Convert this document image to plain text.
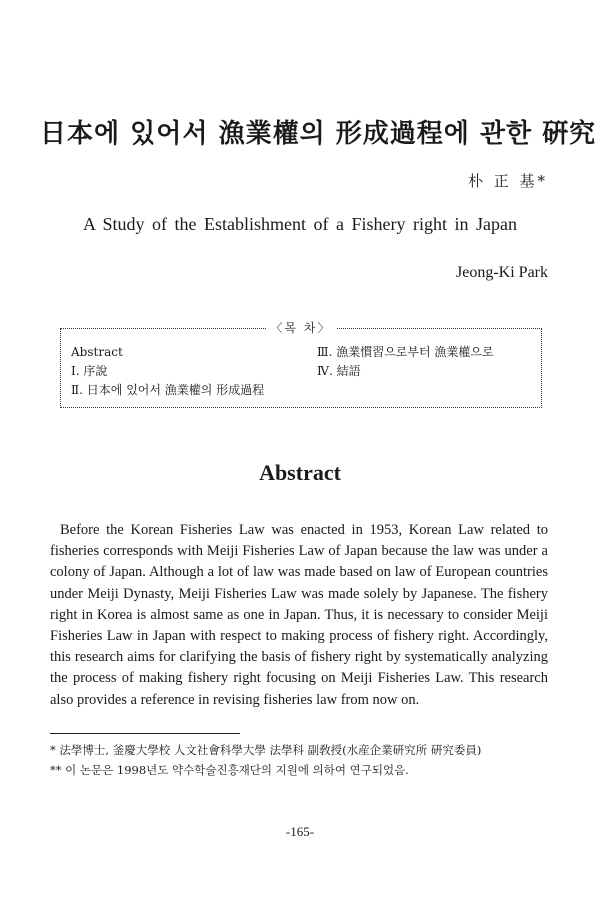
日本에 있어서 漁業權의 形成過程에 관한 硏究
朴 正 基*
A Study of the Establishment of a Fishery right in Japan
Jeong-Ki Park
〈목 차〉
Abstract
Ⅰ. 序說
Ⅱ. 日本에 있어서 漁業權의 形成過程
Ⅲ. 漁業慣習으로부터 漁業權으로
Ⅳ. 結語
Abstract
Before the Korean Fisheries Law was enacted in 1953, Korean Law related to fisheries corresponds with Meiji Fisheries Law of Japan because the law was under a colony of Japan. Although a lot of law was made based on law of European countries under Meiji Dynasty, Meiji Fisheries Law was made solely by Japanese. The fishery right in Korea is almost same as one in Japan. Thus, it is necessary to consider Meiji Fisheries Law in Japan with respect to making process of fishery right. Accordingly, this research aims for clarifying the basis of fishery right by systematically analyzing the process of making fishery right focusing on Meiji Fisheries Law. This research also provides a reference in revising fisheries law from now on.
* 法學博士, 釜慶大學校 人文社會科學大學 法學科 副敎授(水産企業硏究所 硏究委員)
** 이 논문은 1998년도 약수학술진흥재단의 지원에 의하여 연구되었음.
-165-
